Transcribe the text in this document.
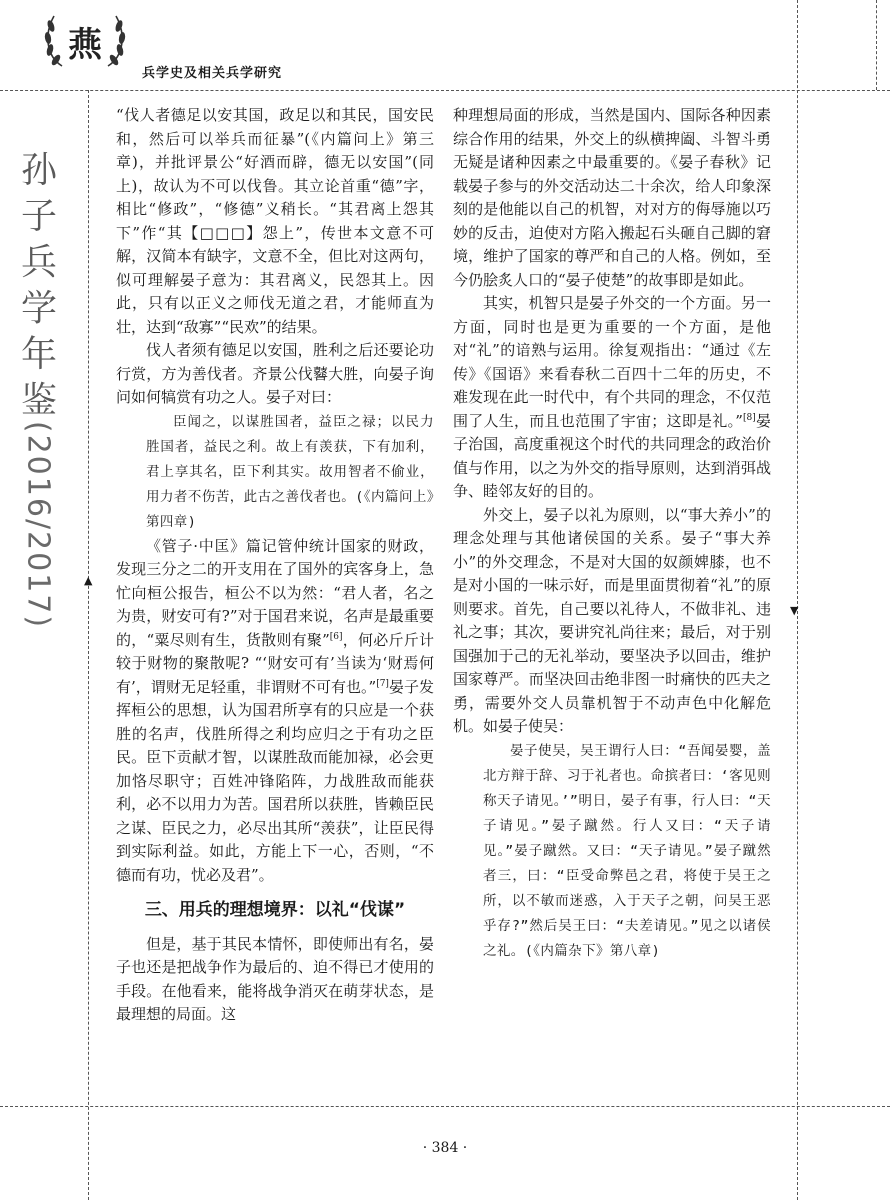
燕
兵学史及相关兵学研究
孙
子
兵
学
年
鉴
(2016/2017)	▲
▼

“伐人者德足以安其国，政足以和其民，国安民和，然后可以举兵而征暴”(《内篇问上》第三章)，并批评景公“好酒而辟，德无以安国”(同上)，故认为不可以伐鲁。其立论首重“德”字，相比“修政”，“修德”义稍长。“其君离上怨其下”作“其【□□□】怨上”，传世本文意不可解，汉简本有缺字，文意不全，但比对这两句，似可理解晏子意为：其君离义，民怨其上。因此，只有以正义之师伐无道之君，才能师直为壮，达到“敌寡”“民欢”的结果。

伐人者须有德足以安国，胜利之后还要论功行赏，方为善伐者。齐景公伐鼛大胜，向晏子询问如何犒赏有功之人。晏子对曰：

臣闻之，以谋胜国者，益臣之禄；以民力胜国者，益民之利。故上有羡获，下有加利，君上享其名，臣下利其实。故用智者不偷业，用力者不伤苦，此古之善伐者也。(《内篇问上》第四章)

《管子·中匡》篇记管仲统计国家的财政，发现三分之二的开支用在了国外的宾客身上，急忙向桓公报告，桓公不以为然：“君人者，名之为贵，财安可有?”对于国君来说，名声是最重要的，“粟尽则有生，货散则有聚”[6]，何必斤斤计较于财物的聚散呢? “‘财安可有’当读为‘财焉何有’，谓财无足轻重，非谓财不可有也。”[7]晏子发挥桓公的思想，认为国君所享有的只应是一个获胜的名声，伐胜所得之利均应归之于有功之臣民。臣下贡献才智，以谋胜敌而能加禄，必会更加恪尽职守；百姓冲锋陷阵，力战胜敌而能获利，必不以用力为苦。国君所以获胜，皆赖臣民之谋、臣民之力，必尽出其所“羡获”，让臣民得到实际利益。如此，方能上下一心，否则，“不德而有功，忧必及君”。

三、用兵的理想境界：以礼“伐谋”

但是，基于其民本情怀，即使师出有名，晏子也还是把战争作为最后的、迫不得已才使用的手段。在他看来，能将战争消灭在萌芽状态，是最理想的局面。这

种理想局面的形成，当然是国内、国际各种因素综合作用的结果，外交上的纵横捭阖、斗智斗勇无疑是诸种因素之中最重要的。《晏子春秋》记载晏子参与的外交活动达二十余次，给人印象深刻的是他能以自己的机智，对对方的侮辱施以巧妙的反击，迫使对方陷入搬起石头砸自己脚的窘境，维护了国家的尊严和自己的人格。例如，至今仍脍炙人口的“晏子使楚”的故事即是如此。

其实，机智只是晏子外交的一个方面。另一方面，同时也是更为重要的一个方面，是他对“礼”的谙熟与运用。徐复观指出：“通过《左传》《国语》来看春秋二百四十二年的历史，不难发现在此一时代中，有个共同的理念，不仅范围了人生，而且也范围了宇宙；这即是礼。”[8]晏子治国，高度重视这个时代的共同理念的政治价值与作用，以之为外交的指导原则，达到消弭战争、睦邻友好的目的。

外交上，晏子以礼为原则，以“事大养小”的理念处理与其他诸侯国的关系。晏子“事大养小”的外交理念，不是对大国的奴颜婢膝，也不是对小国的一味示好，而是里面贯彻着“礼”的原则要求。首先，自己要以礼待人，不做非礼、违礼之事；其次，要讲究礼尚往来；最后，对于别国强加于己的无礼举动，要坚决予以回击，维护国家尊严。而坚决回击绝非图一时痛快的匹夫之勇，需要外交人员靠机智于不动声色中化解危机。如晏子使吴：

晏子使吴，吴王谓行人曰：“吾闻晏婴，盖北方辩于辞、习于礼者也。命摈者曰：‘客见则称天子请见。’”明日，晏子有事，行人曰：“天子请见。”晏子蹴然。行人又曰：“天子请见。”晏子蹴然。又曰：“天子请见。”晏子蹴然者三，曰：“臣受命弊邑之君，将使于吴王之所，以不敏而迷惑，入于天子之朝，问吴王恶乎存?”然后吴王曰：“夫差请见。”见之以诸侯之礼。(《内篇杂下》第八章)

· 384 ·
